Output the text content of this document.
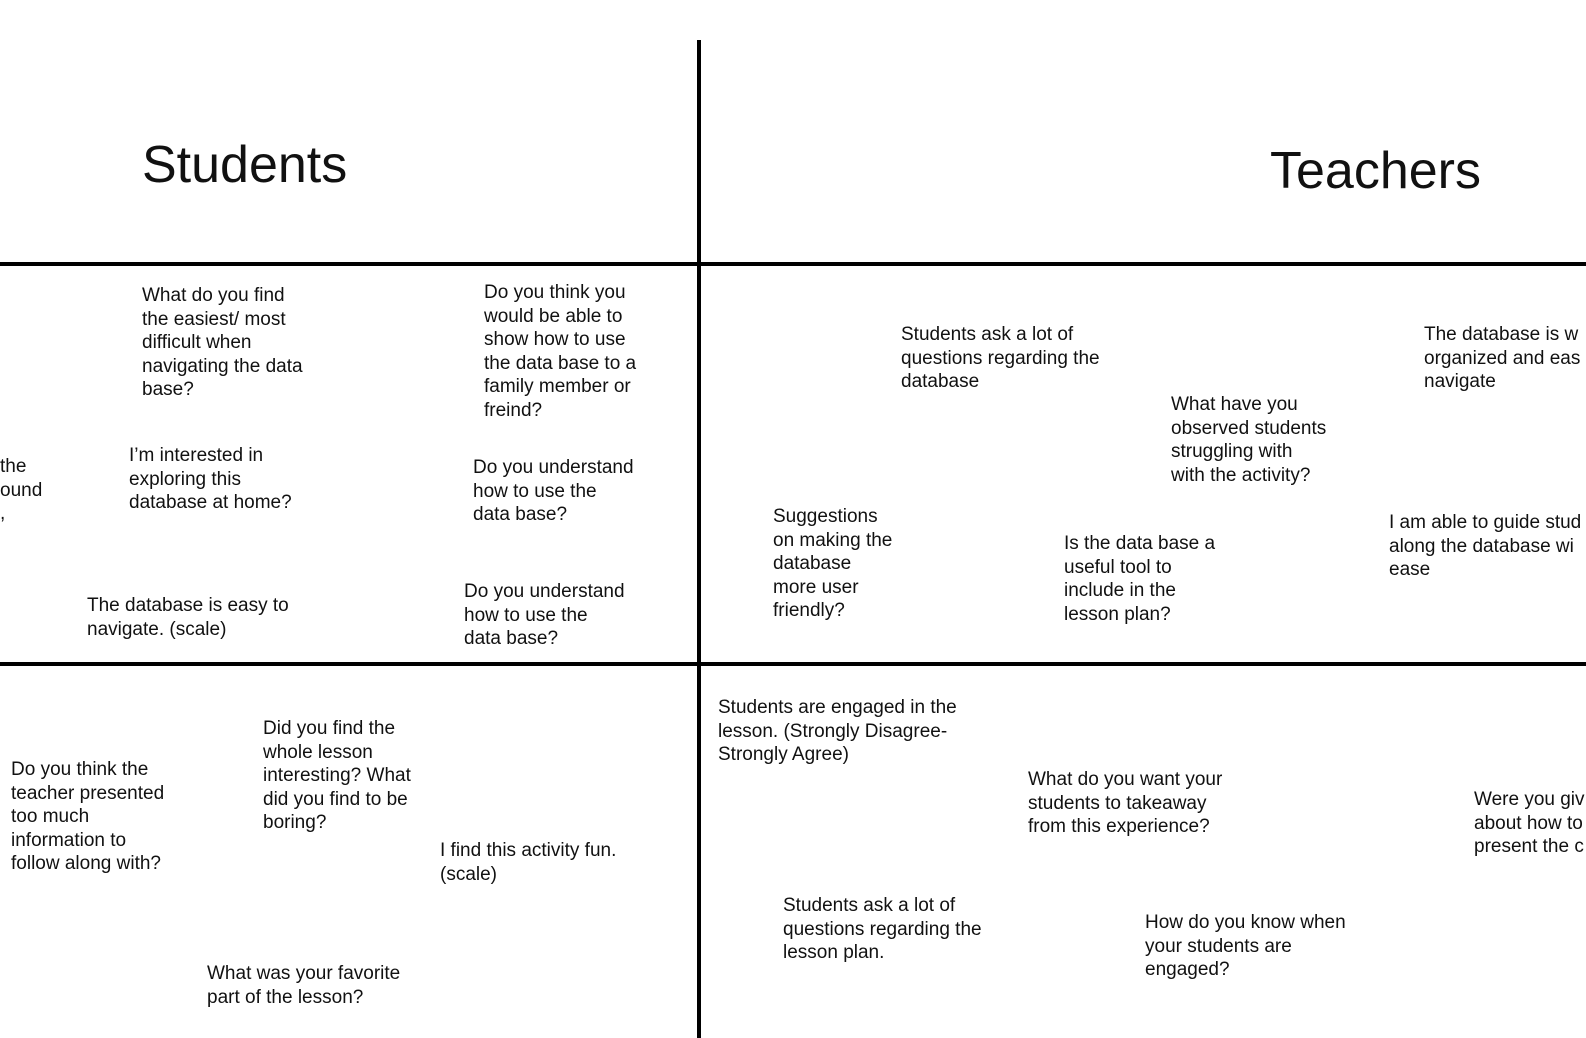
Students	Teachers
What do you find
the easiest/ most
difficult when
navigating the data
base?
Do you think you
would be able to
show how to use
the data base to a
family member or
freind?
the
ound
,
I’m interested in
exploring this
database at home?
Do you understand
how to use the
data base?
The database is easy to
navigate. (scale)
Do you understand
how to use the
data base?
Did you find the
whole lesson
interesting? What
did you find to be
boring?
Do you think the
teacher presented
too much
information to
follow along with?
I find this activity fun.
(scale)
What was your favorite
part of the lesson?
Students ask a lot of
questions regarding the
database
The database is w
organized and eas
navigate
What have you
observed students
struggling with
with the activity?
Suggestions
on making the
database
more user
friendly?
Is the data base a
useful tool to
include in the
lesson plan?
I am able to guide stud
along the database wi
ease
Students are engaged in the
lesson. (Strongly Disagree-
Strongly Agree)
What do you want your
students to takeaway
from this experience?
Were you giv
about how to
present the c
Students ask a lot of
questions regarding the
lesson plan.
How do you know when
your students are
engaged?
